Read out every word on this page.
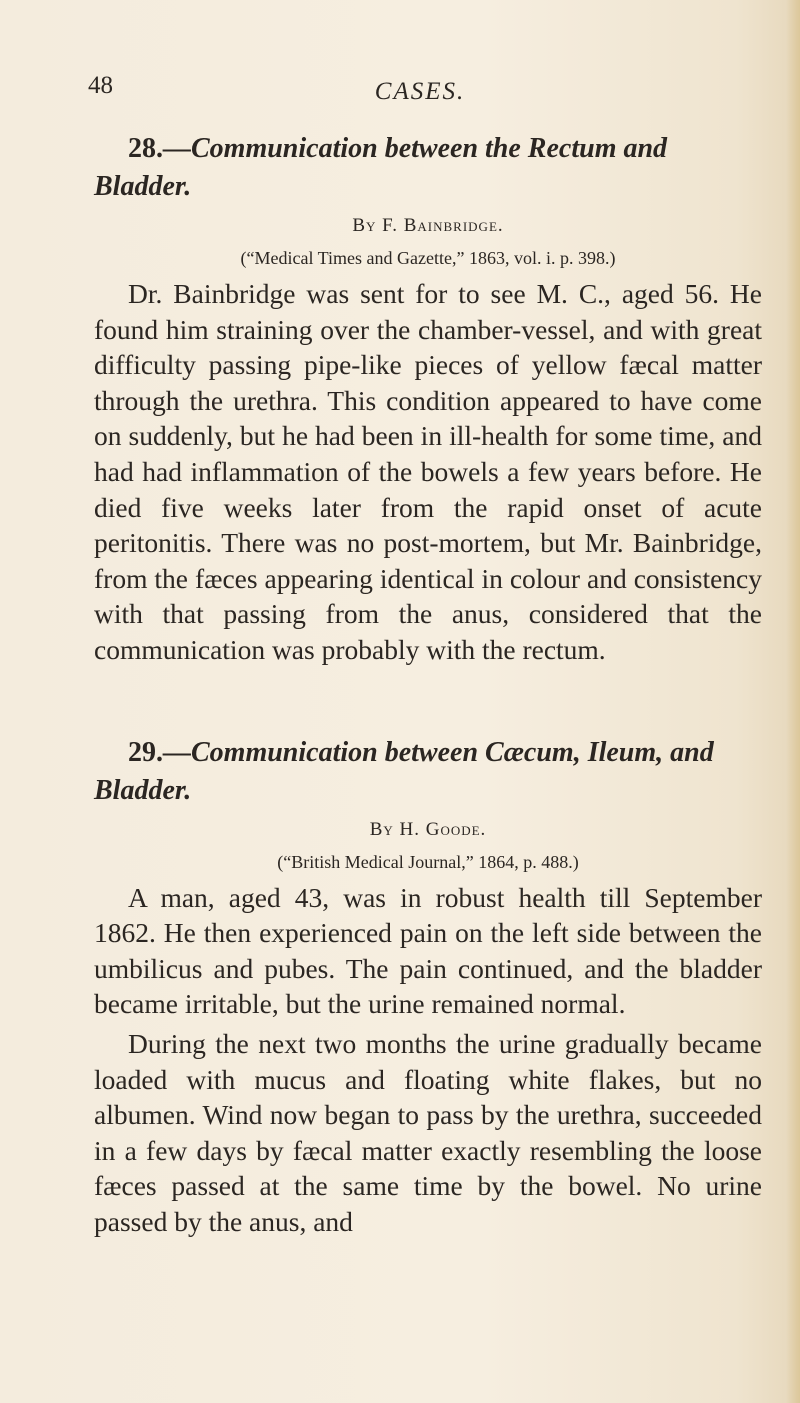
48	CASES.
28.—Communication between the Rectum and Bladder.

By F. Bainbridge.

(“Medical Times and Gazette,” 1863, vol. i. p. 398.)

Dr. Bainbridge was sent for to see M. C., aged 56. He found him straining over the chamber-vessel, and with great difficulty passing pipe-like pieces of yellow fæcal matter through the urethra. This condition appeared to have come on suddenly, but he had been in ill-health for some time, and had had inflammation of the bowels a few years before. He died five weeks later from the rapid onset of acute peritonitis. There was no post-mortem, but Mr. Bainbridge, from the fæces appearing identical in colour and consistency with that passing from the anus, considered that the communication was probably with the rectum.

29.—Communication between Cæcum, Ileum, and Bladder.

By H. Goode.

(“British Medical Journal,” 1864, p. 488.)

A man, aged 43, was in robust health till September 1862. He then experienced pain on the left side between the umbilicus and pubes. The pain continued, and the bladder became irritable, but the urine remained normal.

During the next two months the urine gradually became loaded with mucus and floating white flakes, but no albumen. Wind now began to pass by the urethra, succeeded in a few days by fæcal matter exactly resembling the loose fæces passed at the same time by the bowel. No urine passed by the anus, and
